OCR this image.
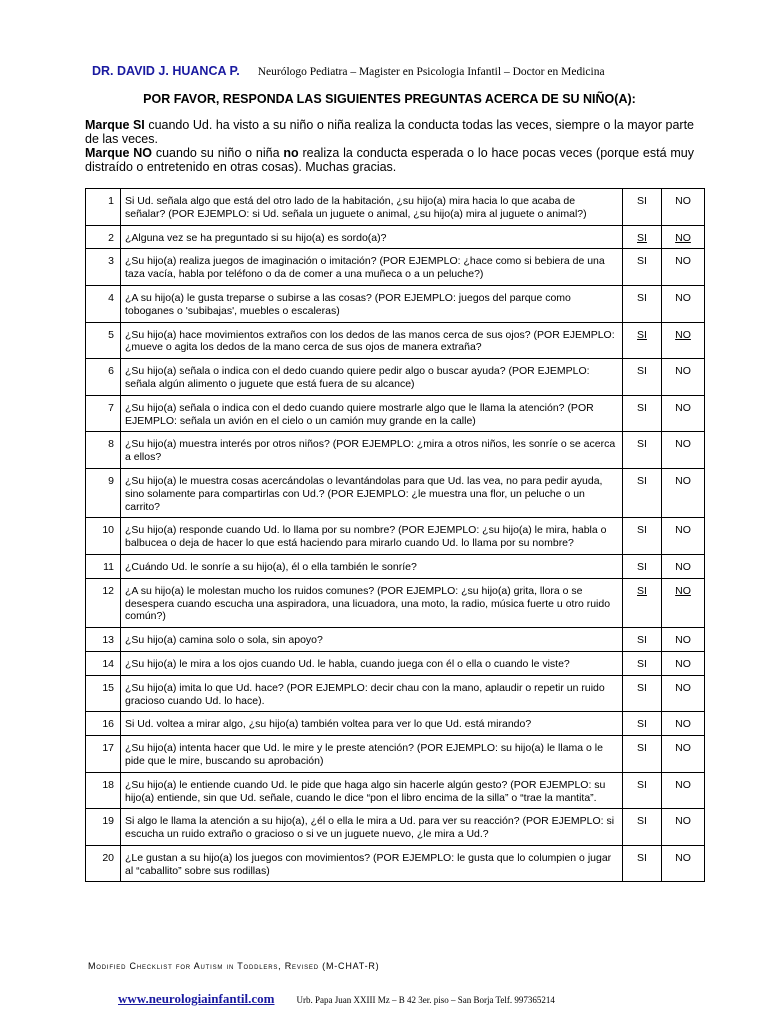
DR. DAVID J. HUANCA P. Neurólogo Pediatra – Magister en Psicologia Infantil – Doctor en Medicina
POR FAVOR, RESPONDA LAS SIGUIENTES PREGUNTAS ACERCA DE SU NIÑO(A):
Marque SI cuando Ud. ha visto a su niño o niña realiza la conducta todas las veces, siempre o la mayor parte de las veces.
Marque NO cuando su niño o niña no realiza la conducta esperada o lo hace pocas veces (porque está muy distraído o entretenido en otras cosas). Muchas gracias.
1	Si Ud. señala algo que está del otro lado de la habitación, ¿su hijo(a) mira hacia lo que acaba de señalar? (POR EJEMPLO: si Ud. señala un juguete o animal, ¿su hijo(a) mira al juguete o animal?)	SI	NO
2	¿Alguna vez se ha preguntado si su hijo(a) es sordo(a)?	SI	NO
3	¿Su hijo(a) realiza juegos de imaginación o imitación? (POR EJEMPLO: ¿hace como si bebiera de una taza vacía, habla por teléfono o da de comer a una muñeca o a un peluche?)	SI	NO
4	¿A su hijo(a) le gusta treparse o subirse a las cosas? (POR EJEMPLO: juegos del parque como toboganes o 'subibajas', muebles o escaleras)	SI	NO
5	¿Su hijo(a) hace movimientos extraños con los dedos de las manos cerca de sus ojos? (POR EJEMPLO: ¿mueve o agita los dedos de la mano cerca de sus ojos de manera extraña?	SI	NO
6	¿Su hijo(a) señala o indica con el dedo cuando quiere pedir algo o buscar ayuda? (POR EJEMPLO: señala algún alimento o juguete que está fuera de su alcance)	SI	NO
7	¿Su hijo(a) señala o indica con el dedo cuando quiere mostrarle algo que le llama la atención? (POR EJEMPLO: señala un avión en el cielo o un camión muy grande en la calle)	SI	NO
8	¿Su hijo(a) muestra interés por otros niños? (POR EJEMPLO: ¿mira a otros niños, les sonríe o se acerca a ellos?	SI	NO
9	¿Su hijo(a) le muestra cosas acercándolas o levantándolas para que Ud. las vea, no para pedir ayuda, sino solamente para compartirlas con Ud.? (POR EJEMPLO: ¿le muestra una flor, un peluche o un carrito?	SI	NO
10	¿Su hijo(a) responde cuando Ud. lo llama por su nombre? (POR EJEMPLO: ¿su hijo(a) le mira, habla o balbucea o deja de hacer lo que está haciendo para mirarlo cuando Ud. lo llama por su nombre?	SI	NO
11	¿Cuándo Ud. le sonríe a su hijo(a), él o ella también le sonríe?	SI	NO
12	¿A su hijo(a) le molestan mucho los ruidos comunes? (POR EJEMPLO: ¿su hijo(a) grita, llora o se desespera cuando escucha una aspiradora, una licuadora, una moto, la radio, música fuerte u otro ruido común?)	SI	NO
13	¿Su hijo(a) camina solo o sola, sin apoyo?	SI	NO
14	¿Su hijo(a) le mira a los ojos cuando Ud. le habla, cuando juega con él o ella o cuando le viste?	SI	NO
15	¿Su hijo(a) imita lo que Ud. hace? (POR EJEMPLO: decir chau con la mano, aplaudir o repetir un ruido gracioso cuando Ud. lo hace).	SI	NO
16	Si Ud. voltea a mirar algo, ¿su hijo(a) también voltea para ver lo que Ud. está mirando?	SI	NO
17	¿Su hijo(a) intenta hacer que Ud. le mire y le preste atención? (POR EJEMPLO: su hijo(a) le llama o le pide que le mire, buscando su aprobación)	SI	NO
18	¿Su hijo(a) le entiende cuando Ud. le pide que haga algo sin hacerle algún gesto? (POR EJEMPLO: su hijo(a) entiende, sin que Ud. señale, cuando le dice “pon el libro encima de la silla” o “trae la mantita”.	SI	NO
19	Si algo le llama la atención a su hijo(a), ¿él o ella le mira a Ud. para ver su reacción? (POR EJEMPLO: si escucha un ruido extraño o gracioso o si ve un juguete nuevo, ¿le mira a Ud.?	SI	NO
20	¿Le gustan a su hijo(a) los juegos con movimientos? (POR EJEMPLO: le gusta que lo columpien o jugar al “caballito” sobre sus rodillas)	SI	NO
Modified Checklist for Autism in Toddlers, Revised (M-CHAT-R)
www.neurologiainfantil.com Urb. Papa Juan XXIII Mz – B 42 3er. piso – San Borja Telf. 997365214
